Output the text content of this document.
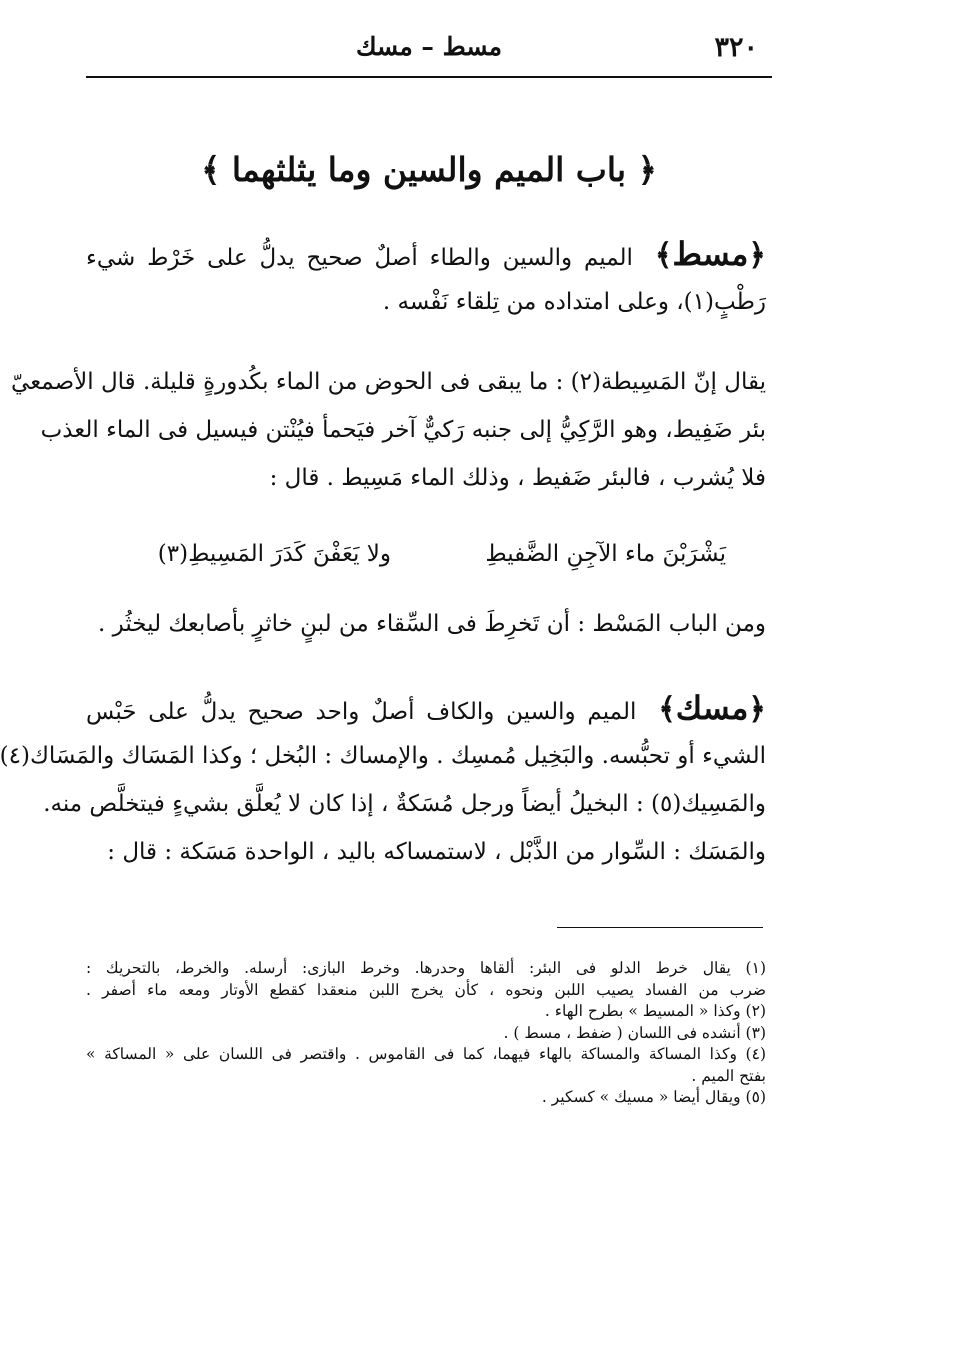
٣٢٠
مسط – مسك
﴿ باب الميم والسين وما يثلثهما ﴾
﴿مسط﴾ الميم والسين والطاء أصلٌ صحيح يدلُّ على خَرْط شيء
رَطْبٍ(١)، وعلى امتداده من تِلقاء نَفْسه .
يقال إنّ المَسِيطة(٢) : ما يبقى فى الحوض من الماء بكُدورةٍ قليلة. قال الأصمعيّ
بئر ضَفِيط، وهو الرَّكِيُّ إلى جنبه رَكيٌّ آخر فيَحمأ فيُنْتن فيسيل فى الماء العذب
فلا يُشرب ، فالبئر ضَفيط ، وذلك الماء مَسِيط . قال :
يَشْرَبْنَ ماء الآجِنِ الضَّفيطِ
ولا يَعَفْنَ كَدَرَ المَسِيطِ(٣)
ومن الباب المَسْط : أن تَخرِطَ فى السِّقاء من لبنٍ خاثرٍ بأصابعك ليخثُر .
﴿مسك﴾ الميم والسين والكاف أصلٌ واحد صحيح يدلُّ على حَبْس
الشيء أو تحبُّسه. والبَخِيل مُمسِك . والإمساك : البُخل ؛ وكذا المَسَاك والمَسَاك(٤)
والمَسِيك(٥) : البخيلُ أيضاً ورجل مُسَكةٌ ، إذا كان لا يُعلَّق بشيءٍ فيتخلَّص منه.
والمَسَك : السِّوار من الذَّبْل ، لاستمساكه باليد ، الواحدة مَسَكة : قال :
(١) يقال خرط الدلو فى البئر: ألقاها وحدرها. وخرط البازى: أرسله. والخرط، بالتحريك :
ضرب من الفساد يصيب اللبن ونحوه ، كأن يخرج اللبن منعقدا كقطع الأوتار ومعه ماء أصفر .
(٢) وكذا « المسيط » بطرح الهاء .
(٣) أنشده فى اللسان ( ضفط ، مسط ) .
(٤) وكذا المساكة والمساكة بالهاء فيهما، كما فى القاموس . واقتصر فى اللسان على « المساكة »
بفتح الميم .
(٥) ويقال أيضا « مسيك » كسكير .
